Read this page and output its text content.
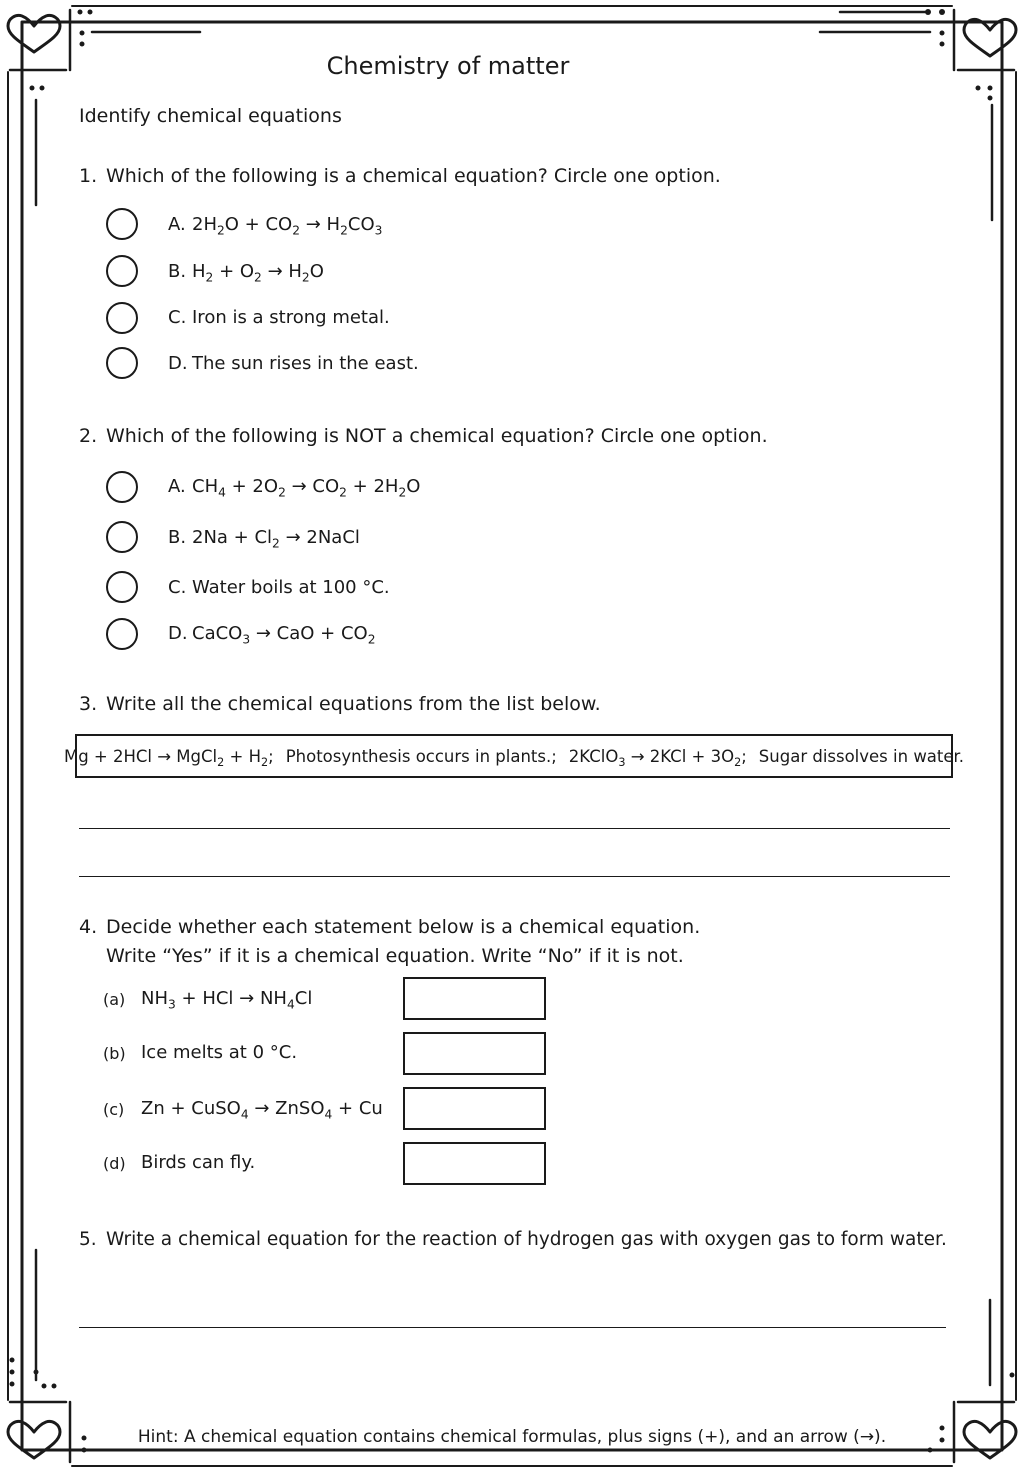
Chemistry of matter
Identify chemical equations
1. Which of the following is a chemical equation? Circle one option.
A. $2H_2O + CO_2 \to H_2CO_3$
B. $H_2 + O_2 \to H_2O$
C. Iron is a strong metal.
D. The sun rises in the east.
2. Which of the following is NOT a chemical equation? Circle one option.
A. $CH_4 + 2O_2 \to CO_2 + 2H_2O$
B. $2Na + Cl_2$ → 2NaCl
C. Water boils at 100 °C.
D. CaCO$_3$ → CaO + $CO_2$
3. Write all the chemical equations from the list below.
Mg + 2HCl → MgCl$_2$ + $H_2$; Photosynthesis occurs in plants.; 2KClO$_3$ → $2KCl + 3O_2$; Sugar dissolves in water.
4. Decide whether each statement below is a chemical equation.
Write “Yes” if it is a chemical equation. Write “No” if it is not.
(a) $NH_3$ + HCl → $NH_4Cl$
(b) Ice melts at 0 °C.
(c) Zn + CuSO$_4$ → ZnSO$_4$ + Cu
(d) Birds can fly.
5. Write a chemical equation for the reaction of hydrogen gas with oxygen gas to form water.
Hint: A chemical equation contains chemical formulas, plus signs (+), and an arrow (→).
